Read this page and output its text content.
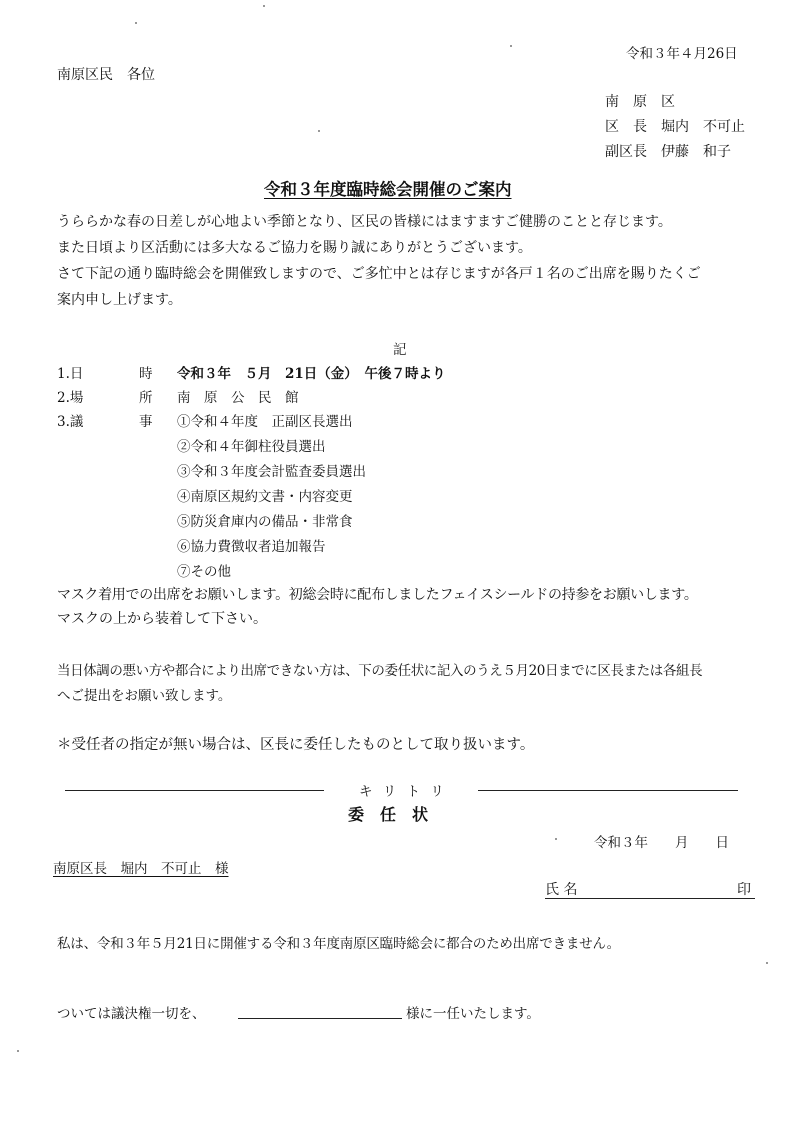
令和３年４月26日
南原区民　各位
南　原　区
区　長　堀内　不可止
副区長　伊藤　和子
令和３年度臨時総会開催のご案内
うららかな春の日差しが心地よい季節となり、区民の皆様にはますますご健勝のことと存じます。
また日頃より区活動には多大なるご協力を賜り誠にありがとうございます。
さて下記の通り臨時総会を開催致しますので、ご多忙中とは存じますが各戸１名のご出席を賜りたくご
案内申し上げます。
記
1.日	時 令和３年　５月　21日（金）　午後７時より
2.場	所 南　原　公　民　館
3.議	事 ①令和４年度　正副区長選出
②令和４年御柱役員選出
③令和３年度会計監査委員選出
④南原区規約文書・内容変更
⑤防災倉庫内の備品・非常食
⑥協力費徴収者追加報告
⑦その他
マスク着用での出席をお願いします。初総会時に配布しましたフェイスシールドの持参をお願いします。
マスクの上から装着して下さい。
当日体調の悪い方や都合により出席できない方は、下の委任状に記入のうえ５月20日までに区長または各組長
へご提出をお願い致します。
＊受任者の指定が無い場合は、区長に委任したものとして取り扱います。
キ リ ト リ
委　任　状
令和３年　　月　　日
南原区長　堀内　不可止　様
氏 名	印
私は、令和３年５月21日に開催する令和３年度南原区臨時総会に都合のため出席できません。
ついては議決権一切を、	様に一任いたします。
